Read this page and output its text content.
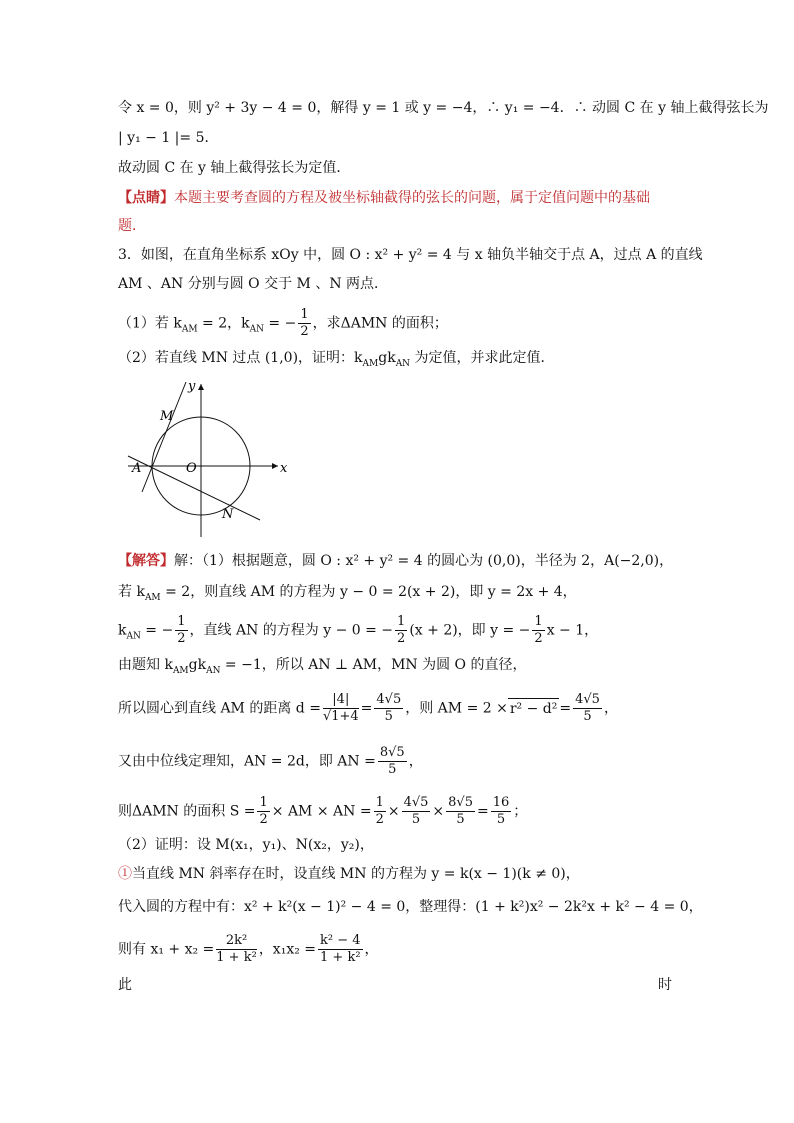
令 x = 0，则 y² + 3y − 4 = 0，解得 y = 1 或 y = −4，∴ y₁ = −4．∴ 动圆 C 在 y 轴上截得弦长为
| y₁ − 1 |= 5．
故动圆 C 在 y 轴上截得弦长为定值．
【点睛】本题主要考查圆的方程及被坐标轴截得的弦长的问题，属于定值问题中的基础
题．
3．如图，在直角坐标系 xOy 中，圆 O : x² + y² = 4 与 x 轴负半轴交于点 A，过点 A 的直线
AM 、AN 分别与圆 O 交于 M 、N 两点．
（1）若 $k_{AM} = 2$，$k_{AN}$ = − $\frac{1}{2}$ ，求ΔAMN 的面积；
（2）若直线 MN 过点 (1,0)，证明：$k_{AM}gk_{AN}$ 为定值，并求此定值．
y
x
O
A
M
N
【解答】解：（1）根据题意，圆 O : x² + y² = 4 的圆心为 (0,0)，半径为 2，A(−2,0)，
若 $k_{AM} = 2$，则直线 AM 的方程为 y − 0 = 2(x + 2)，即 y = 2x + 4，
$k_{AN}$ = − $\frac{1}{2}$ ，直线 AN 的方程为 y − 0 = − $\frac{1}{2} (x + 2)$，即 y = − $\frac{1}{2}$ x − 1，
由题知 $k_{AM}gk_{AN} = -1$，所以 AN ⊥ AM，MN 为圆 O 的直径，
所以圆心到直线 AM 的距离 $d = \frac{|4|}{√1+4} = \frac{4√5}{5}$ ，则 AM = $2 \times r^2 - d^2 = \frac{4√5}{5}$ ，
又由中位线定理知，AN = 2d，即 AN = $\frac{8√5}{5}$ ，
则ΔAMN 的面积 $S = \frac{1}{2}$ × AM × AN = $\frac{1}{2} \times \frac{4√5}{5} \times \frac{8√5}{5} = \frac{16}{5}$ ；
（2）证明：设 M(x₁，y₁)、N(x₂，y₂)，
①当直线 MN 斜率存在时，设直线 MN 的方程为 y = k(x − 1)(k ≠ 0)，
代入圆的方程中有：x² + k²(x − 1)² − 4 = 0，整理得：(1 + k²)x² − 2k²x + k² − 4 = 0，
则有 $x_1 + x_2 = \frac{\text{2k²}}{\text{1 + k²}}$ ，$x_1x_2 = \frac{\text{k² − 4}}{\text{1 + k²}}$ ，
此	时
